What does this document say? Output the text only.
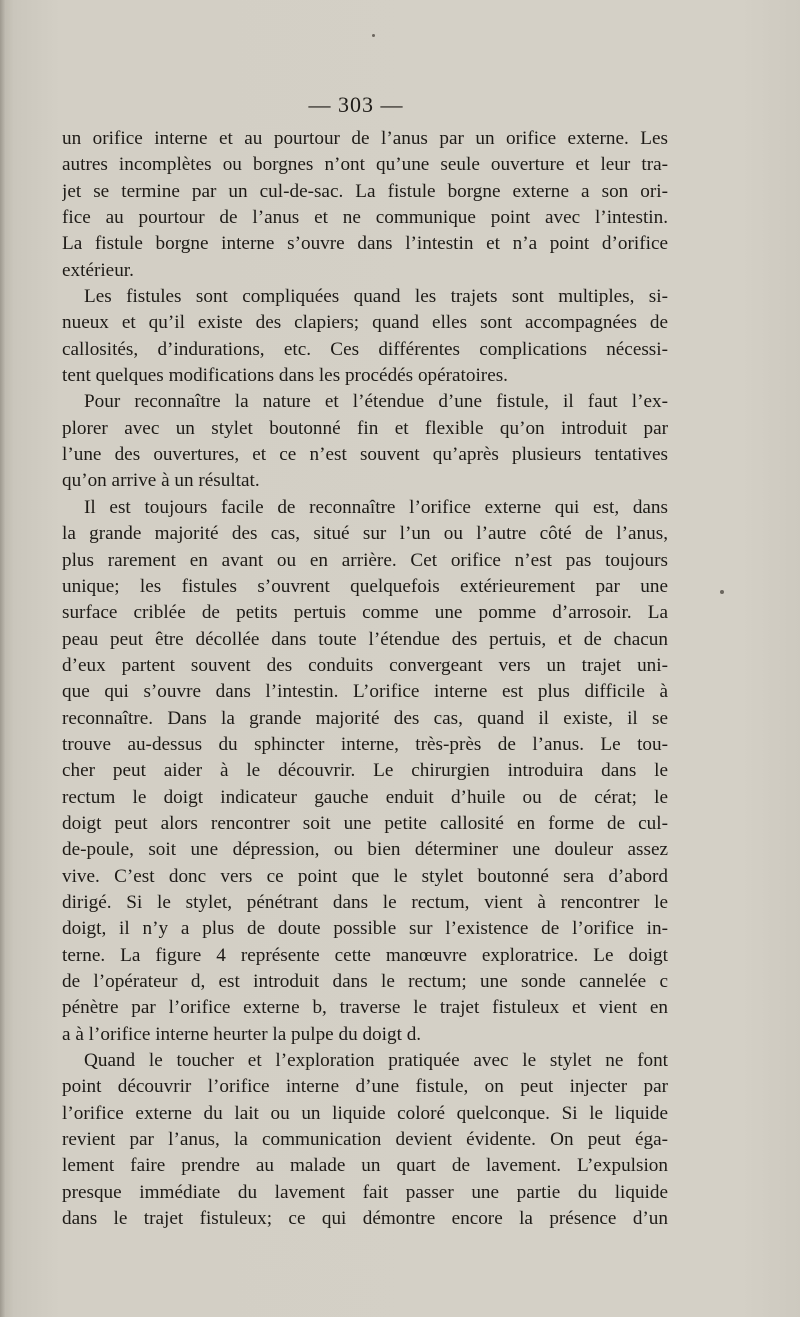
— 303 —
un orifice interne et au pourtour de l’anus par un orifice externe. Les
autres incomplètes ou borgnes n’ont qu’une seule ouverture et leur tra-
jet se termine par un cul-de-sac. La fistule borgne externe a son ori-
fice au pourtour de l’anus et ne communique point avec l’intestin.
La fistule borgne interne s’ouvre dans l’intestin et n’a point d’orifice
extérieur.
Les fistules sont compliquées quand les trajets sont multiples, si-
nueux et qu’il existe des clapiers; quand elles sont accompagnées de
callosités, d’indurations, etc. Ces différentes complications nécessi-
tent quelques modifications dans les procédés opératoires.
Pour reconnaître la nature et l’étendue d’une fistule, il faut l’ex-
plorer avec un stylet boutonné fin et flexible qu’on introduit par
l’une des ouvertures, et ce n’est souvent qu’après plusieurs tentatives
qu’on arrive à un résultat.
Il est toujours facile de reconnaître l’orifice externe qui est, dans
la grande majorité des cas, situé sur l’un ou l’autre côté de l’anus,
plus rarement en avant ou en arrière. Cet orifice n’est pas toujours
unique; les fistules s’ouvrent quelquefois extérieurement par une
surface criblée de petits pertuis comme une pomme d’arrosoir. La
peau peut être décollée dans toute l’étendue des pertuis, et de chacun
d’eux partent souvent des conduits convergeant vers un trajet uni-
que qui s’ouvre dans l’intestin. L’orifice interne est plus difficile à
reconnaître. Dans la grande majorité des cas, quand il existe, il se
trouve au-dessus du sphincter interne, très-près de l’anus. Le tou-
cher peut aider à le découvrir. Le chirurgien introduira dans le
rectum le doigt indicateur gauche enduit d’huile ou de cérat; le
doigt peut alors rencontrer soit une petite callosité en forme de cul-
de-poule, soit une dépression, ou bien déterminer une douleur assez
vive. C’est donc vers ce point que le stylet boutonné sera d’abord
dirigé. Si le stylet, pénétrant dans le rectum, vient à rencontrer le
doigt, il n’y a plus de doute possible sur l’existence de l’orifice in-
terne. La figure 4 représente cette manœuvre exploratrice. Le doigt
de l’opérateur d, est introduit dans le rectum; une sonde cannelée c
pénètre par l’orifice externe b, traverse le trajet fistuleux et vient en
a à l’orifice interne heurter la pulpe du doigt d.
Quand le toucher et l’exploration pratiquée avec le stylet ne font
point découvrir l’orifice interne d’une fistule, on peut injecter par
l’orifice externe du lait ou un liquide coloré quelconque. Si le liquide
revient par l’anus, la communication devient évidente. On peut éga-
lement faire prendre au malade un quart de lavement. L’expulsion
presque immédiate du lavement fait passer une partie du liquide
dans le trajet fistuleux; ce qui démontre encore la présence d’un
